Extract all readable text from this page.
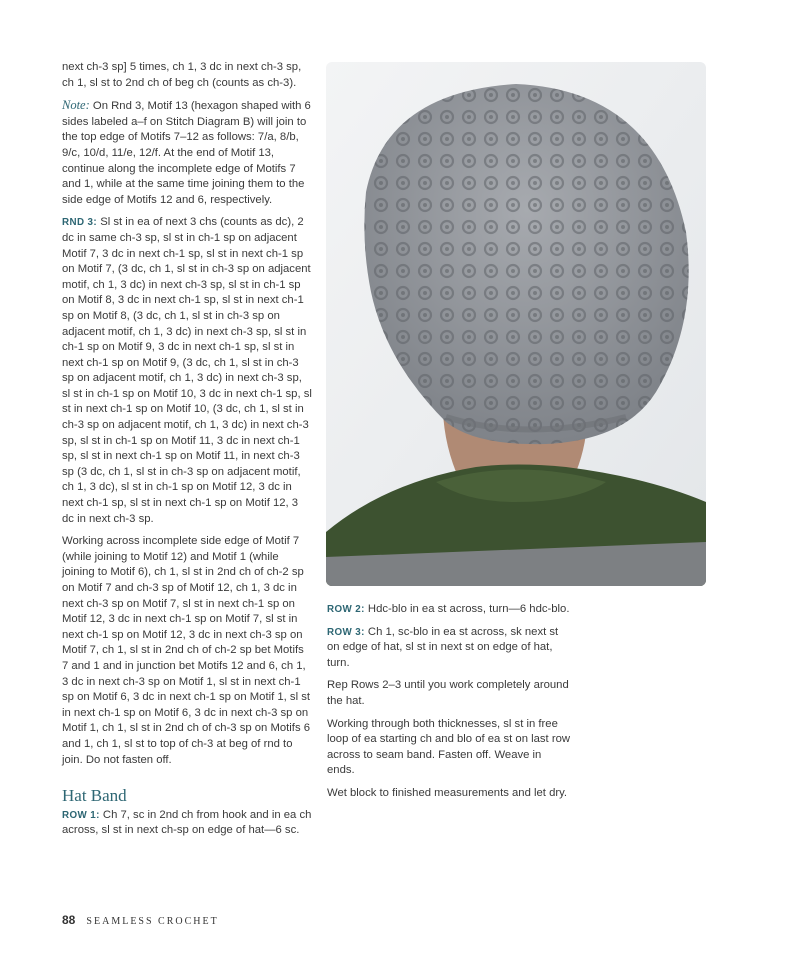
next ch-3 sp] 5 times, ch 1, 3 dc in next ch-3 sp, ch 1, sl st to 2nd ch of beg ch (counts as ch-3).

Note: On Rnd 3, Motif 13 (hexagon shaped with 6 sides labeled a–f on Stitch Diagram B) will join to the top edge of Motifs 7–12 as follows: 7/a, 8/b, 9/c, 10/d, 11/e, 12/f. At the end of Motif 13, continue along the incomplete edge of Motifs 7 and 1, while at the same time joining them to the side edge of Motifs 12 and 6, respectively.

RND 3: Sl st in ea of next 3 chs (counts as dc), 2 dc in same ch-3 sp, sl st in ch-1 sp on adjacent Motif 7, 3 dc in next ch-1 sp, sl st in next ch-1 sp on Motif 7, (3 dc, ch 1, sl st in ch-3 sp on adjacent motif, ch 1, 3 dc) in next ch-3 sp, sl st in ch-1 sp on Motif 8, 3 dc in next ch-1 sp, sl st in next ch-1 sp on Motif 8, (3 dc, ch 1, sl st in ch-3 sp on adjacent motif, ch 1, 3 dc) in next ch-3 sp, sl st in ch-1 sp on Motif 9, 3 dc in next ch-1 sp, sl st in next ch-1 sp on Motif 9, (3 dc, ch 1, sl st in ch-3 sp on adjacent motif, ch 1, 3 dc) in next ch-3 sp, sl st in ch-1 sp on Motif 10, 3 dc in next ch-1 sp, sl st in next ch-1 sp on Motif 10, (3 dc, ch 1, sl st in ch-3 sp on adjacent motif, ch 1, 3 dc) in next ch-3 sp, sl st in ch-1 sp on Motif 11, 3 dc in next ch-1 sp, sl st in next ch-1 sp on Motif 11, in next ch-3 sp (3 dc, ch 1, sl st in ch-3 sp on adjacent motif, ch 1, 3 dc), sl st in ch-1 sp on Motif 12, 3 dc in next ch-1 sp, sl st in next ch-1 sp on Motif 12, 3 dc in next ch-3 sp.

Working across incomplete side edge of Motif 7 (while joining to Motif 12) and Motif 1 (while joining to Motif 6), ch 1, sl st in 2nd ch of ch-2 sp on Motif 7 and ch-3 sp of Motif 12, ch 1, 3 dc in next ch-3 sp on Motif 7, sl st in next ch-1 sp on Motif 12, 3 dc in next ch-1 sp on Motif 7, sl st in next ch-1 sp on Motif 12, 3 dc in next ch-3 sp on Motif 7, ch 1, sl st in 2nd ch of ch-2 sp bet Motifs 7 and 1 and in junction bet Motifs 12 and 6, ch 1, 3 dc in next ch-3 sp on Motif 1, sl st in next ch-1 sp on Motif 6, 3 dc in next ch-1 sp on Motif 1, sl st in next ch-1 sp on Motif 6, 3 dc in next ch-3 sp on Motif 1, ch 1, sl st in 2nd ch of ch-3 sp on Motifs 6 and 1, ch 1, sl st to top of ch-3 at beg of rnd to join. Do not fasten off.

Hat Band

ROW 1: Ch 7, sc in 2nd ch from hook and in ea ch across, sl st in next ch-sp on edge of hat—6 sc.

ROW 2: Hdc-blo in ea st across, turn—6 hdc-blo.

ROW 3: Ch 1, sc-blo in ea st across, sk next st on edge of hat, sl st in next st on edge of hat, turn.

Rep Rows 2–3 until you work completely around the hat.

Working through both thicknesses, sl st in free loop of ea starting ch and blo of ea st on last row across to seam band. Fasten off. Weave in ends.

Wet block to finished measurements and let dry.

88 SEAMLESS CROCHET
